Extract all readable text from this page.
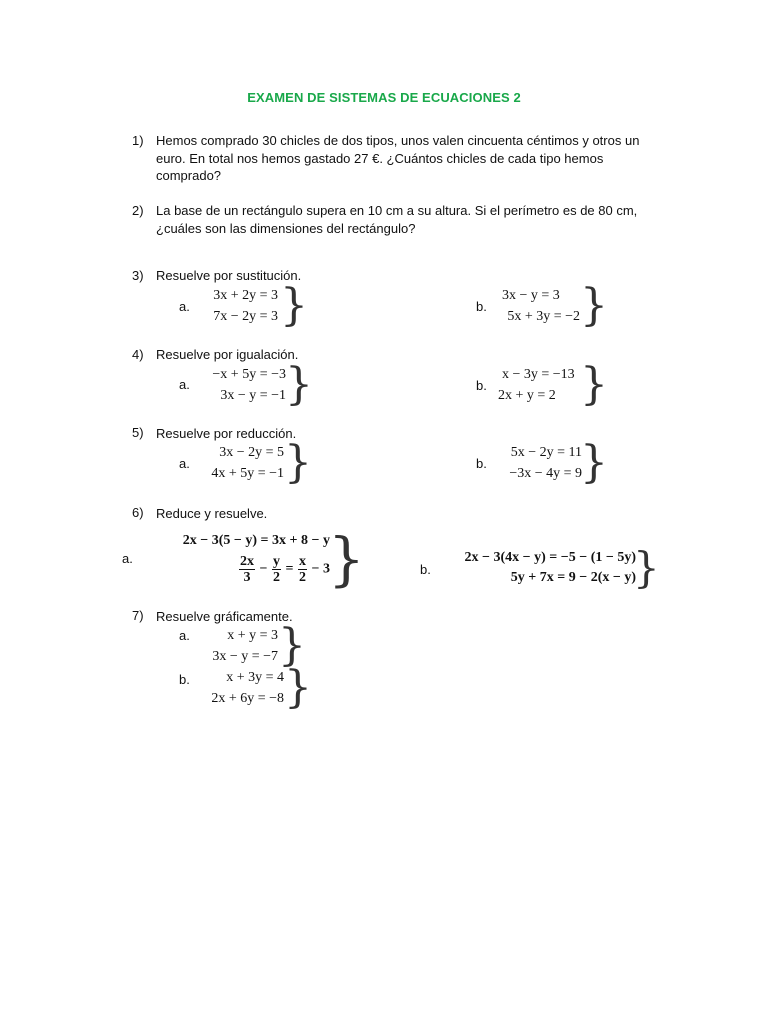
EXAMEN DE SISTEMAS DE ECUACIONES 2
1) Hemos comprado 30 chicles de dos tipos, unos valen cincuenta céntimos y otros un euro. En total nos hemos gastado 27 €. ¿Cuántos chicles de cada tipo hemos comprado?
2) La base de un rectángulo supera en 10 cm a su altura. Si el perímetro es de 80 cm, ¿cuáles son las dimensiones del rectángulo?
3) Resuelve por sustitución.
a.
3x + 2y = 3
7x − 2y = 3 }	b.
3x − y = 3
5x + 3y = −2 }
4) Resuelve por igualación.
a.
−x + 5y = −3
3x − y = −1 }	b.
x − 3y = −13
2x + y = 2 }
5) Resuelve por reducción.
a.
3x − 2y = 5
4x + 5y = −1 }	b.
5x − 2y = 11
−3x − 4y = 9
}
6) Reduce y resuelve.
a.
2x − 3(5 − y) = 3x + 8 − y
$\frac{2x}{3} - \frac{y}{2} = \frac{x}{2} - 3$
}	b.
2x − 3(4x − y) = −5 − (1 − 5y)
5y + 7x = 9 − 2(x − y)
}
7) Resuelve gráficamente.
a.	x + y = 3
3x − y = −7 }
b.	x + 3y = 4
2x + 6y = −8 }
